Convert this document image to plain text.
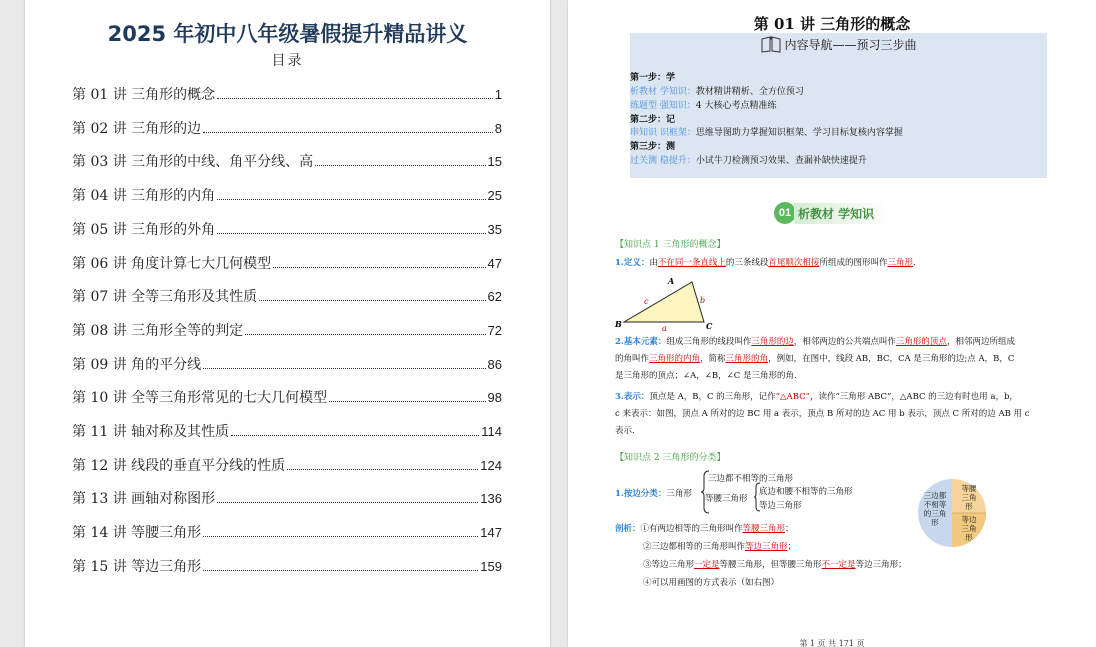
2025 年初中八年级暑假提升精品讲义
目录
第 01 讲 三角形的概念	1
第 02 讲 三角形的边	8
第 03 讲 三角形的中线、角平分线、高	15
第 04 讲 三角形的内角	25
第 05 讲 三角形的外角	35
第 06 讲 角度计算七大几何模型	47
第 07 讲 全等三角形及其性质	62
第 08 讲 三角形全等的判定	72
第 09 讲 角的平分线	86
第 10 讲 全等三角形常见的七大几何模型	98
第 11 讲 轴对称及其性质	114
第 12 讲 线段的垂直平分线的性质	124
第 13 讲 画轴对称图形	136
第 14 讲 等腰三角形	147
第 15 讲 等边三角形	159
第 01 讲 三角形的概念
内容导航——预习三步曲
第一步：学
析教材 学知识：教材精讲精析、全方位预习
练题型 强知识：4 大核心考点精准练
第二步：记
串知识 识框架：思维导图助力掌握知识框架、学习目标复核内容掌握
第三步：测
过关测 稳提升：小试牛刀检测预习效果、查漏补缺快速提升
01 析教材 学知识
【知识点 1 三角形的概念】
1.定义：由不在同一条直线上的三条线段首尾顺次相接所组成的图形叫作三角形.
A
B	C
a
b
c
2.基本元素：组成三角形的线段叫作三角形的边，相邻两边的公共端点叫作三角形的顶点，相邻两边所组成
的角叫作三角形的内角，简称三角形的角，例如，在图中，线段 AB，BC，CA 是三角形的边;点 A，B，C
是三角形的顶点；∠A，∠B，∠C 是三角形的角.
3.表示：顶点是 A，B，C 的三角形，记作“△ABC”，读作“三角形 ABC”，△ABC 的三边有时也用 a，b，
c 来表示：如图，顶点 A 所对的边 BC 用 a 表示，顶点 B 所对的边 AC 用 b 表示，顶点 C 所对的边 AB 用 c
表示.
【知识点 2 三角形的分类】
1.按边分类：三角形
三边都不相等的三角形
等腰三角形
底边和腰不相等的三角形
等边三角形
三边都不相等的三角形
等腰三角形
等边三角形
剖析：①有两边相等的三角形叫作等腰三角形；
②三边都相等的三角形叫作等边三角形；
③等边三角形一定是等腰三角形，但等腰三角形不一定是等边三角形；
④可以用画图的方式表示（如右图）
第 1 页 共 171 页
